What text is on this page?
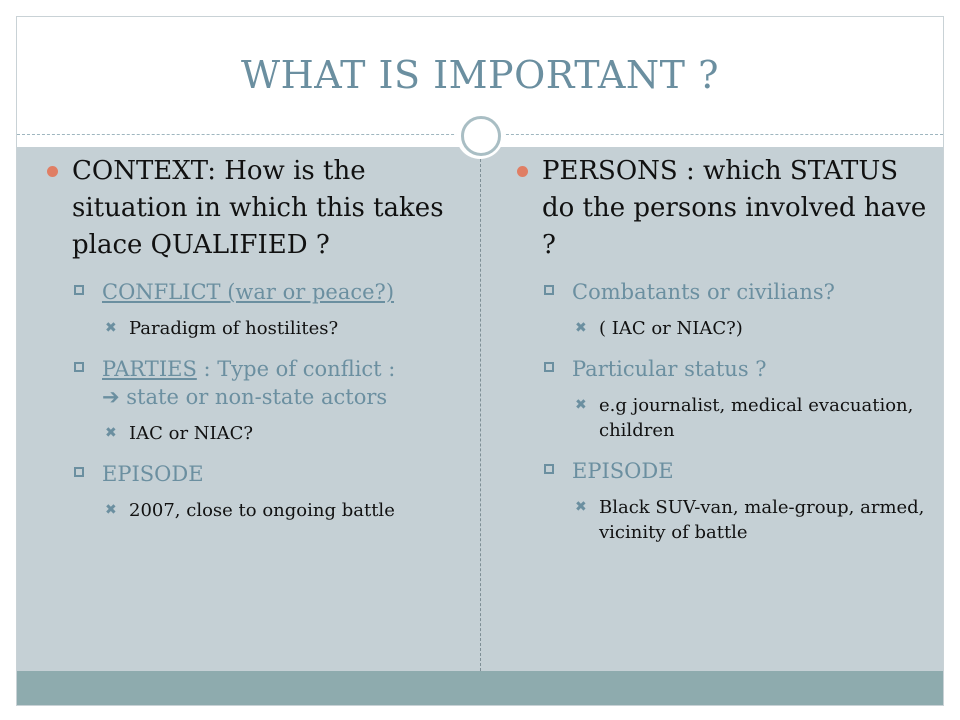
WHAT IS IMPORTANT ?
CONTEXT: How is the situation in which this takes place QUALIFIED ?
CONFLICT (war or peace?)
✖ Paradigm of hostilites?
PARTIES : Type of conflict :
➔ state or non-state actors
✖ IAC or NIAC?
EPISODE
✖ 2007, close to ongoing battle
PERSONS : which STATUS do the persons involved have ?
Combatants or civilians?
✖ ( IAC or NIAC?)
Particular status ?
✖ e.g journalist, medical evacuation, children
EPISODE
✖ Black SUV-van, male-group, armed, vicinity of battle
